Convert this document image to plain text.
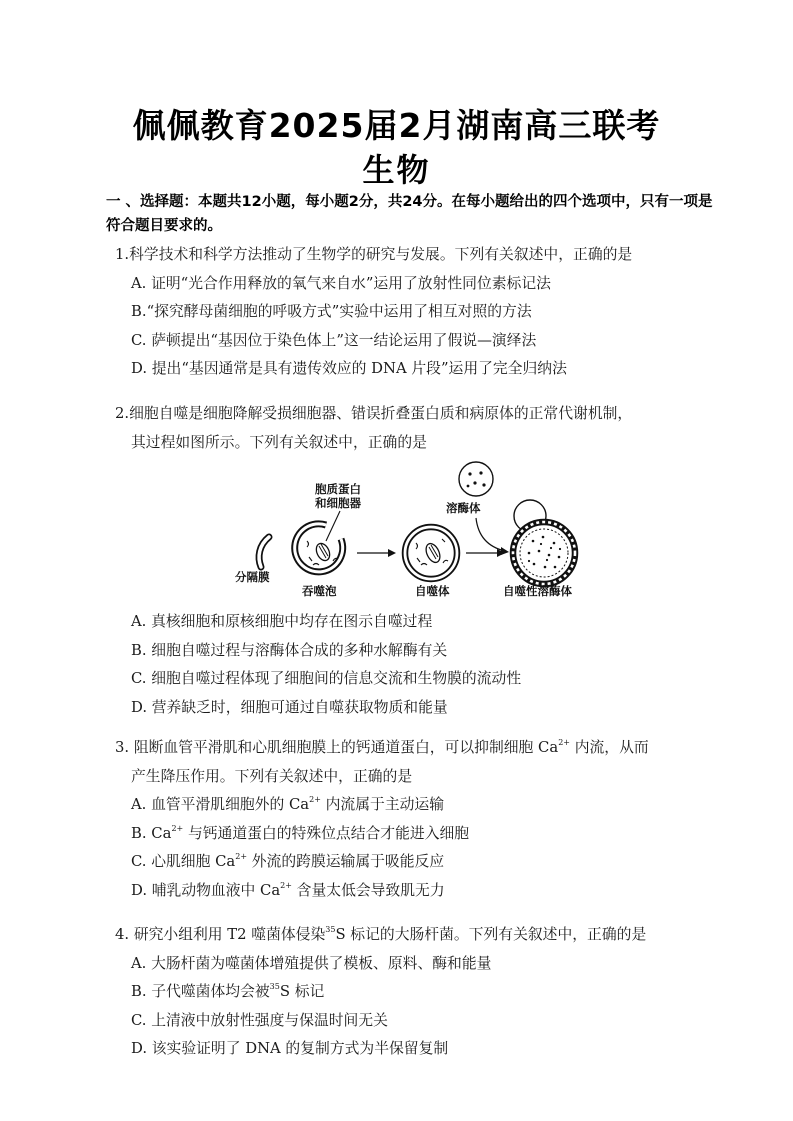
佩佩教育2025届2月湖南高三联考
生物
一 、选择题：本题共12小题，每小题2分，共24分。在每小题给出的四个选项中，只有一项是符合题目要求的。
1.科学技术和科学方法推动了生物学的研究与发展。下列有关叙述中，正确的是
A. 证明“光合作用释放的氧气来自水”运用了放射性同位素标记法
B.“探究酵母菌细胞的呼吸方式”实验中运用了相互对照的方法
C. 萨顿提出“基因位于染色体上”这一结论运用了假说—演绎法
D. 提出“基因通常是具有遗传效应的 DNA 片段”运用了完全归纳法
2.细胞自噬是细胞降解受损细胞器、错误折叠蛋白质和病原体的正常代谢机制，
其过程如图所示。下列有关叙述中，正确的是
分隔膜
胞质蛋白
和细胞器
吞噬泡	自噬体
溶酶体
自噬性溶酶体
A. 真核细胞和原核细胞中均存在图示自噬过程
B. 细胞自噬过程与溶酶体合成的多种水解酶有关
C. 细胞自噬过程体现了细胞间的信息交流和生物膜的流动性
D. 营养缺乏时，细胞可通过自噬获取物质和能量
3. 阻断血管平滑肌和心肌细胞膜上的钙通道蛋白，可以抑制细胞 $Ca^{2+}$ 内流，从而
产生降压作用。下列有关叙述中，正确的是
A. 血管平滑肌细胞外的 $Ca^{2+}$ 内流属于主动运输
B. $Ca^{2+}$ 与钙通道蛋白的特殊位点结合才能进入细胞
C. 心肌细胞 $Ca^{2+}$ 外流的跨膜运输属于吸能反应
D. 哺乳动物血液中 $Ca^{2+}$ 含量太低会导致肌无力
4. 研究小组利用 T2 噬菌体侵染$^{35}$S 标记的大肠杆菌。下列有关叙述中，正确的是
A. 大肠杆菌为噬菌体增殖提供了模板、原料、酶和能量
B. 子代噬菌体均会被$^{35}$S 标记
C. 上清液中放射性强度与保温时间无关
D. 该实验证明了 DNA 的复制方式为半保留复制
